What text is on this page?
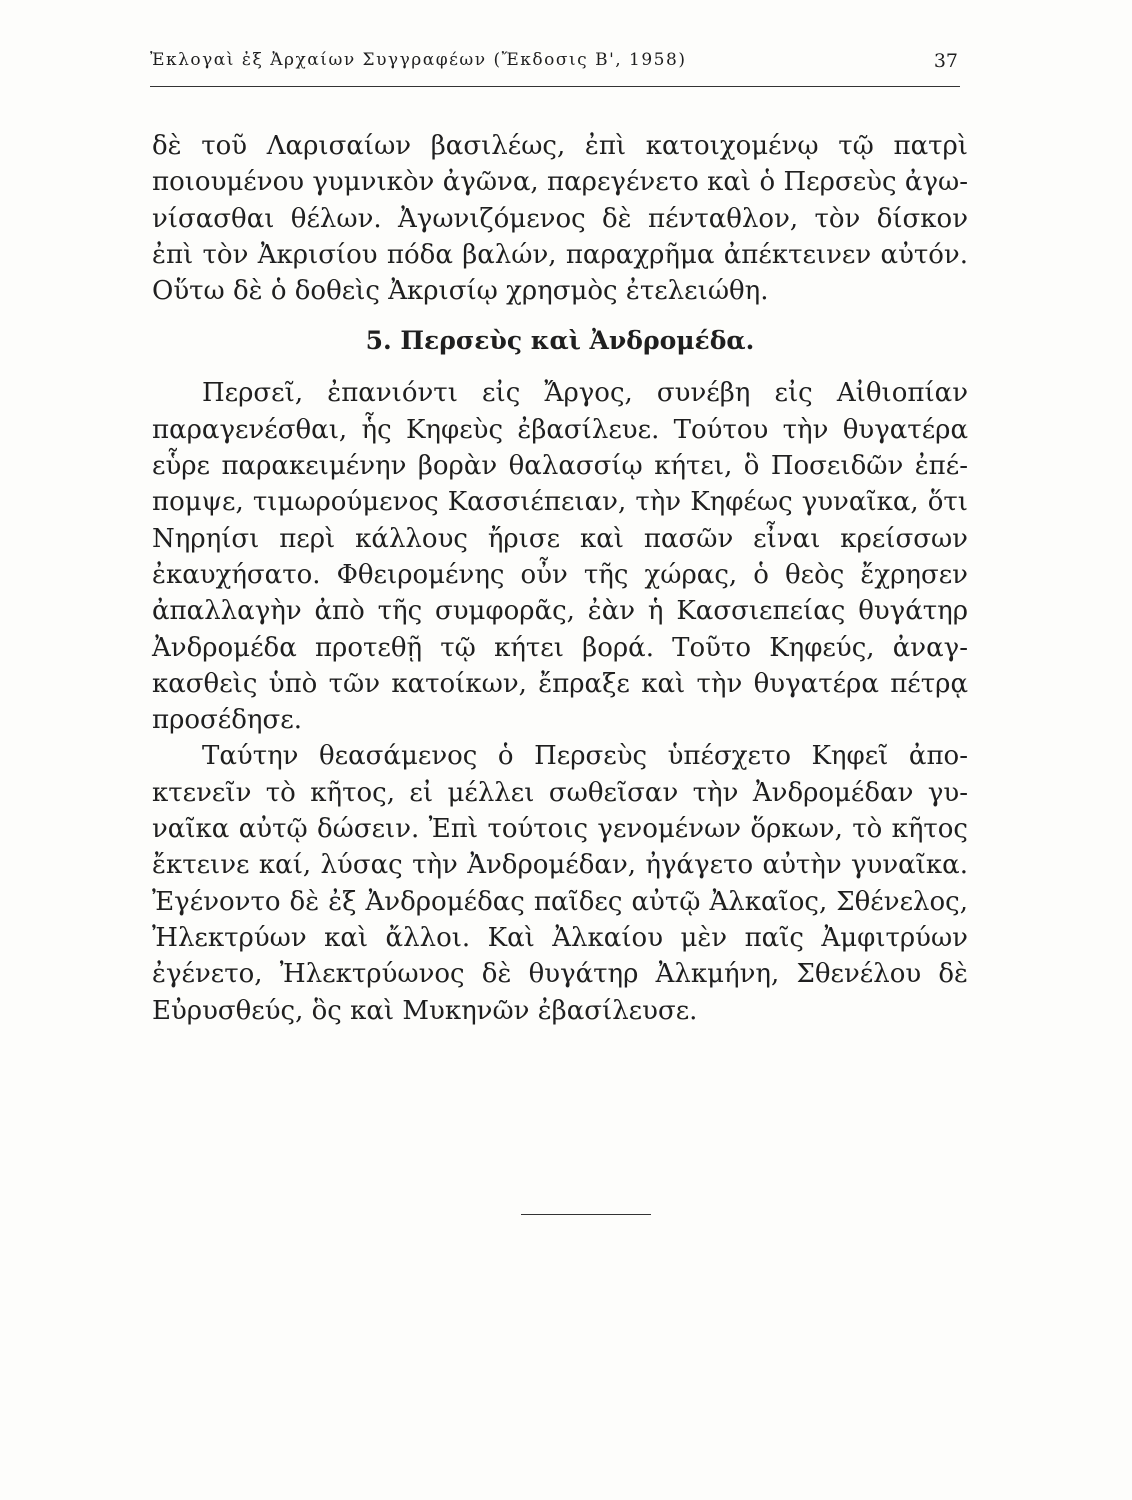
Ἐκλογαὶ ἐξ Ἀρχαίων Συγγραφέων (Ἔκδοσις Β', 1958)	37

δὲ τοῦ Λαρισαίων βασιλέως, ἐπὶ κατοιχομένῳ τῷ πατρὶ ποιουμένου γυμνικὸν ἀγῶνα, παρεγένετο καὶ ὁ Περσεὺς ἀγωνίσασθαι θέλων. Ἀγωνιζόμενος δὲ πένταθλον, τὸν δίσκον ἐπὶ τὸν Ἀκρισίου πόδα βαλών, παραχρῆμα ἀπέκτεινεν αὐτόν. Οὕτω δὲ ὁ δοθεὶς Ἀκρισίῳ χρησμὸς ἐτελειώθη.

5. Περσεὺς καὶ Ἀνδρομέδα.

Περσεῖ, ἐπανιόντι εἰς Ἄργος, συνέβη εἰς Αἰθιοπίαν παραγενέσθαι, ἧς Κηφεὺς ἐβασίλευε. Τούτου τὴν θυγατέρα εὗρε παρακειμένην βορὰν θαλασσίῳ κήτει, ὃ Ποσειδῶν ἐπέπομψε, τιμωρούμενος Κασσιέπειαν, τὴν Κηφέως γυναῖκα, ὅτι Νηρηίσι περὶ κάλλους ἤρισε καὶ πασῶν εἶναι κρείσσων ἐκαυχήσατο. Φθειρομένης οὖν τῆς χώρας, ὁ θεὸς ἔχρησεν ἀπαλλαγὴν ἀπὸ τῆς συμφορᾶς, ἐὰν ἡ Κασσιεπείας θυγάτηρ Ἀνδρομέδα προτεθῇ τῷ κήτει βορά. Τοῦτο Κηφεύς, ἀναγκασθεὶς ὑπὸ τῶν κατοίκων, ἔπραξε καὶ τὴν θυγατέρα πέτρᾳ προσέδησε.

Ταύτην θεασάμενος ὁ Περσεὺς ὑπέσχετο Κηφεῖ ἀποκτενεῖν τὸ κῆτος, εἰ μέλλει σωθεῖσαν τὴν Ἀνδρομέδαν γυναῖκα αὐτῷ δώσειν. Ἐπὶ τούτοις γενομένων ὅρκων, τὸ κῆτος ἔκτεινε καί, λύσας τὴν Ἀνδρομέδαν, ἠγάγετο αὐτὴν γυναῖκα. Ἐγένοντο δὲ ἐξ Ἀνδρομέδας παῖδες αὐτῷ Ἀλκαῖος, Σθένελος, Ἠλεκτρύων καὶ ἄλλοι. Καὶ Ἀλκαίου μὲν παῖς Ἀμφιτρύων ἐγένετο, Ἠλεκτρύωνος δὲ θυγάτηρ Ἀλκμήνη, Σθενέλου δὲ Εὐρυσθεύς, ὃς καὶ Μυκηνῶν ἐβασίλευσε.
